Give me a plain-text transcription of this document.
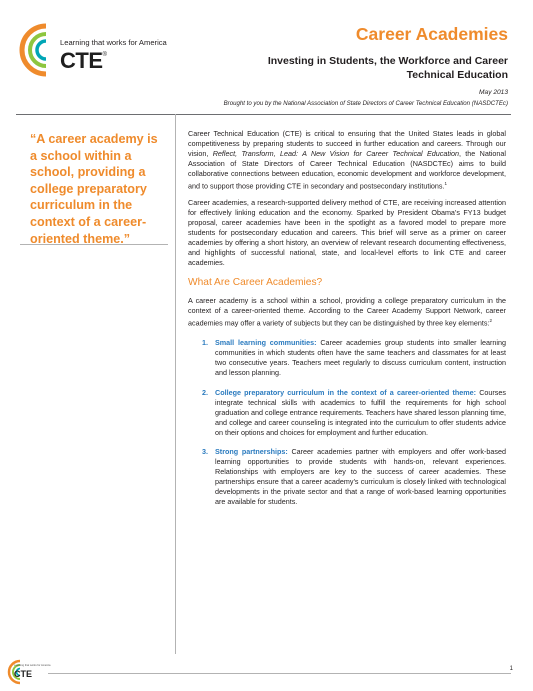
Learning that works for America
CTE®
Career Academies
Investing in Students, the Workforce and Career Technical Education
May 2013
Brought to you by the National Association of State Directors of Career Technical Education (NASDCTEc)
“A career academy is a school within a school, providing a college preparatory curriculum in the context of a career-oriented theme.”

Career Technical Education (CTE) is critical to ensuring that the United States leads in global competitiveness by preparing students to succeed in further education and careers. Through our vision, Reflect, Transform, Lead: A New Vision for Career Technical Education, the National Association of State Directors of Career Technical Education (NASDCTEc) aims to build collaborative connections between education, economic development and workforce development, and to support those providing CTE in secondary and postsecondary institutions.$^1$

Career academies, a research-supported delivery method of CTE, are receiving increased attention for effectively linking education and the economy. Sparked by President Obama’s FY13 budget proposal, career academies have been in the spotlight as a favored model to prepare more students for postsecondary education and careers. This brief will serve as a primer on career academies by offering a short history, an overview of relevant research documenting effectiveness, and highlights of successful national, state, and local-level efforts to link CTE and career academies.

What Are Career Academies?

A career academy is a school within a school, providing a college preparatory curriculum in the context of a career-oriented theme. According to the Career Academy Support Network, career academies may offer a variety of subjects but they can be distinguished by three key elements:$^2$

1. Small learning communities: Career academies group students into smaller learning communities in which students often have the same teachers and classmates for at least two consecutive years. Teachers meet regularly to discuss curriculum content, instruction and lesson planning.
2. College preparatory curriculum in the context of a career-oriented theme: Courses integrate technical skills with academics to fulfill the requirements for high school graduation and college entrance requirements. Teachers have shared lesson planning time, and college and career counseling is integrated into the curriculum to offer students advice on their options and choices for employment and further education.
3. Strong partnerships: Career academies partner with employers and offer work-based learning opportunities to provide students with hands-on, relevant experiences. Relationships with employers are key to the success of career academies. These partnerships ensure that a career academy’s curriculum is closely linked with technological developments in the private sector and that a range of work-based learning opportunities are available for students.
Learning that works for America
CTE	1
